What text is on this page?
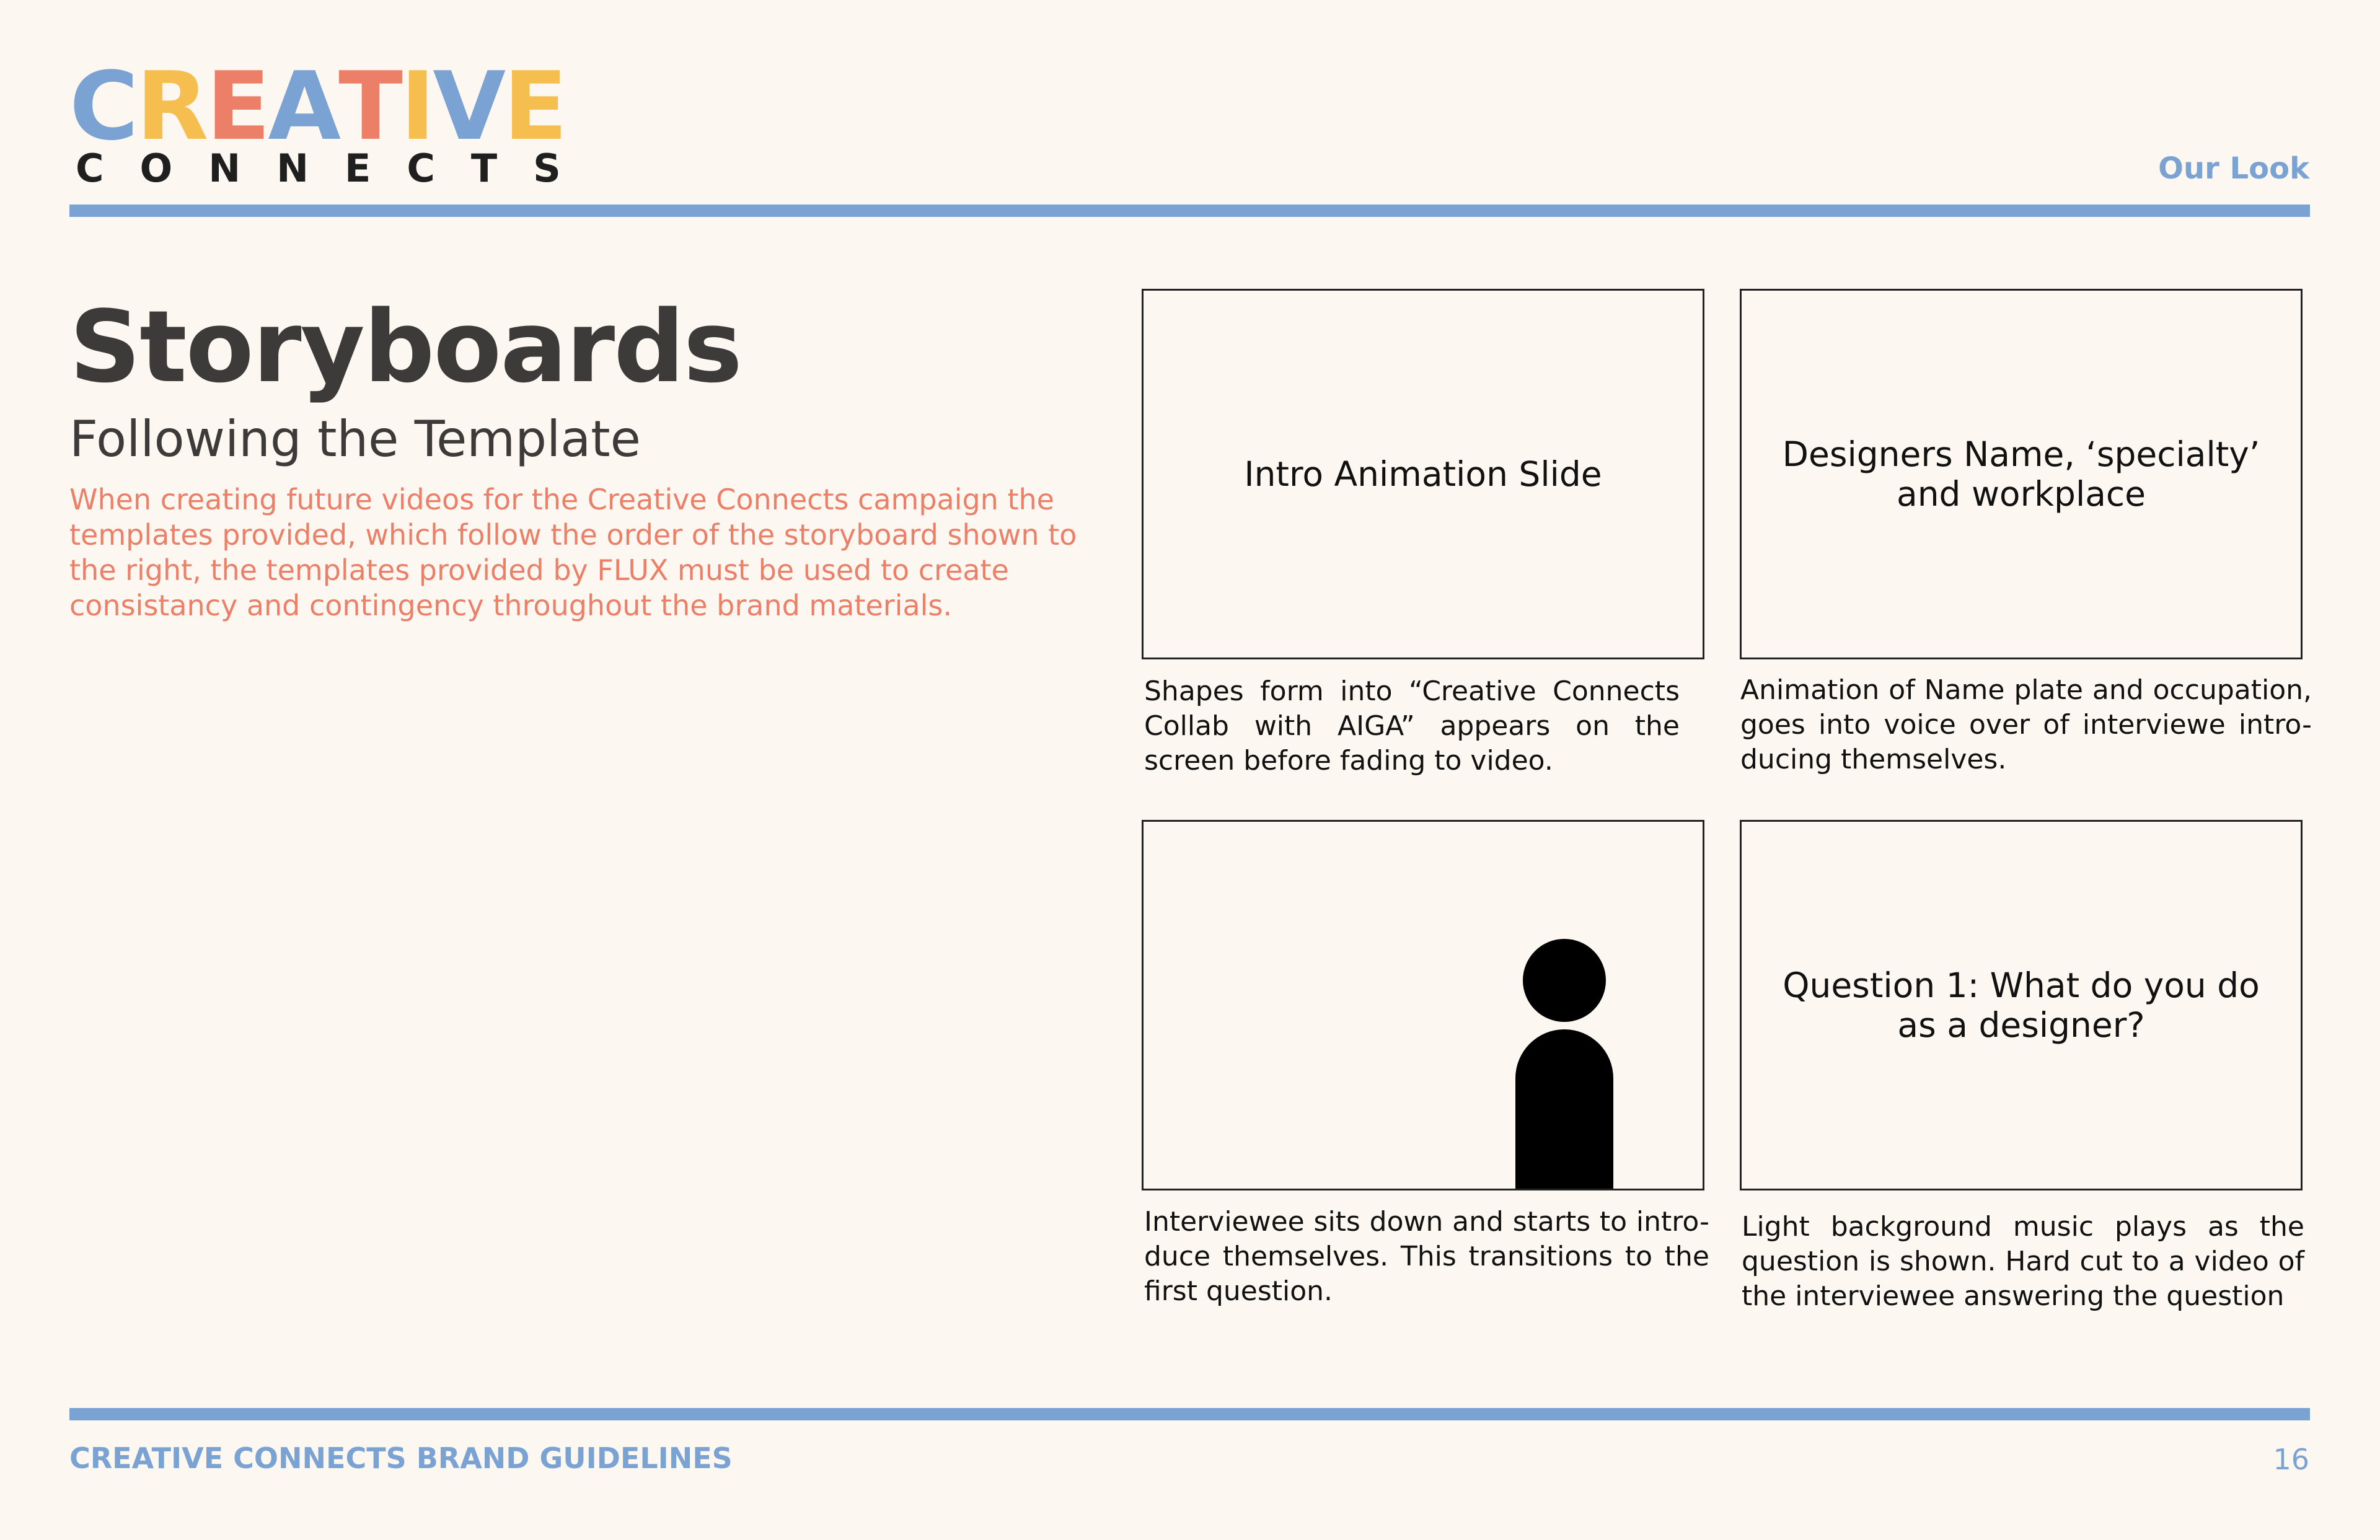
C R E A T I V E
CONNECTS	Our Look
Storyboards
Following the Template
When creating future videos for the Creative Connects campaign the templates provided, which follow the order of the storyboard shown to the right, the templates provided by FLUX must be used to create consistancy and contingency throughout the brand materials.
Intro Animation Slide
Shapes form into “Creative Connects Collab with AIGA” appears on the screen before fading to video.
Designers Name, ‘specialty’ and workplace
Animation of Name plate and occupation, goes into voice over of interviewe intro-ducing themselves.
Interviewee sits down and starts to intro-duce themselves. This transitions to the first question.
Question 1: What do you do as a designer?
Light background music plays as the question is shown. Hard cut to a video of the interviewee answering the question
CREATIVE CONNECTS BRAND GUIDELINES	16
